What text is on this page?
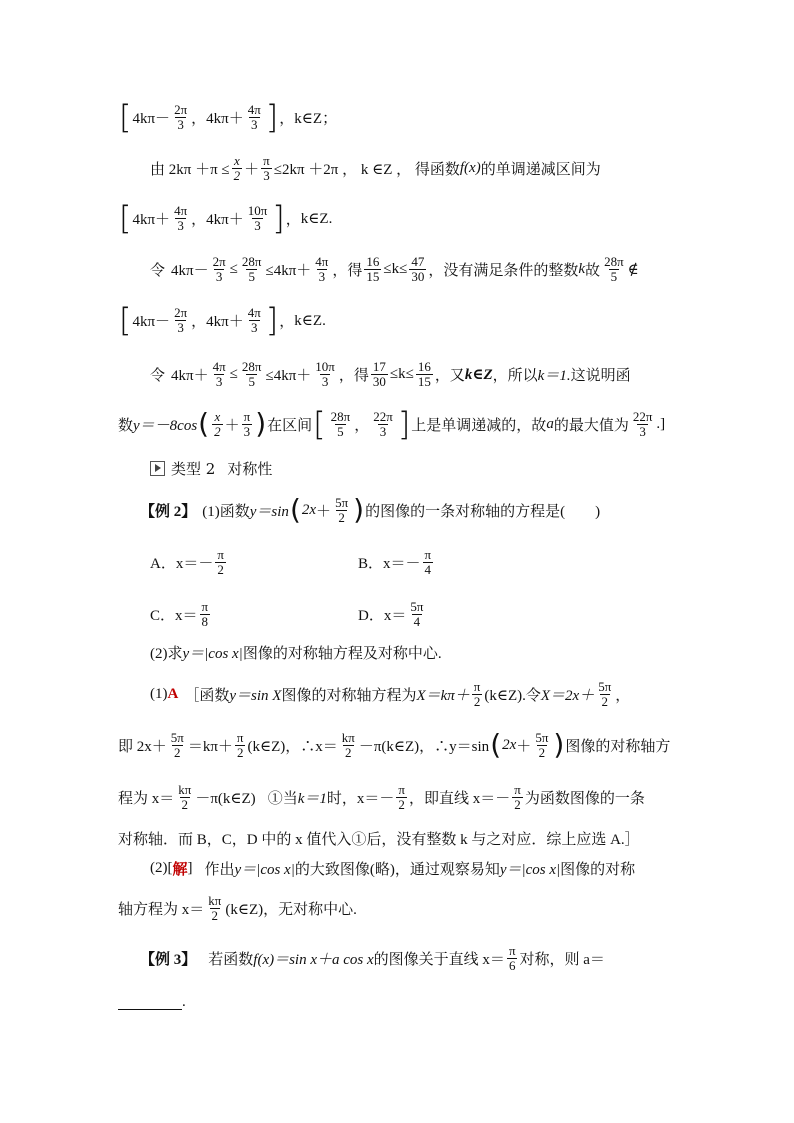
[ $4k\pi- \frac{2\pi}{3}$ ，$4k\pi+ \frac{4\pi}{3}$ ] ， k∈Z；
由 $2k\pi +\pi \le \frac{x}{2} + \frac{\pi}{3} \le 2k\pi +2\pi$ ， k ∈Z ， 得函数 f(x) 的单调递减区间为
[ $4k\pi+ \frac{4\pi}{3}$ ，$4k\pi+ \frac{10\pi}{3}$ ] ， k∈Z.
令 $4k\pi- \frac{2\pi}{3} \le \frac{28\pi}{5} \le 4k\pi+ \frac{4\pi}{3}$ ，得 $\frac{16}{15} \le k\le \frac{47}{30}$ ，没有满足条件的整数 k 故 $\frac{28\pi}{5}$ ∉
[ $4k\pi- \frac{2\pi}{3}$ ，$4k\pi+ \frac{4\pi}{3}$ ] ， k∈Z.
令 $4k\pi+ \frac{4\pi}{3} \le \frac{28\pi}{5} \le 4k\pi+ \frac{10\pi}{3}$ ，得 $\frac{17}{30} \le k\le \frac{16}{15}$ ，又 k∈Z ，所以 k＝1. 这说明函
数 y＝－8cos ( $\frac{x}{2} + \frac{\pi}{3}$ ) 在区间 [ $\frac{28\pi}{5}$ ， $\frac{22\pi}{3}$ ] 上是单调递减的，故 a 的最大值为 $\frac{22\pi}{3}$ .]
类型 2 对称性
【例 2】 (1)函数 y＝sin ( $2x + \frac{5\pi}{2}$ ) 的图像的一条对称轴的方程是(　　)
A．$x=- \frac{\pi}{2}$	B．$x=- \frac{\pi}{4}$
C．$x= \frac{\pi}{8}$	D．$x= \frac{5\pi}{4}$
(2)求 y＝|cos x| 图像的对称轴方程及对称中心.
(1) A ［函数 y＝sin X 图像的对称轴方程为 $X=k\pi+ \frac{\pi}{2}$ (k∈Z).令 $X=2x+ \frac{5\pi}{2}$ ，
即 $2x+ \frac{5\pi}{2} =k\pi+ \frac{\pi}{2}$ (k∈Z)，∴x＝ $\frac{k\pi}{2}$ －π(k∈Z)，∴y＝sin ( $2x + \frac{5\pi}{2}$ ) 图像的对称轴方
程为 $x= \frac{k\pi}{2}$ －π(k∈Z) ①当 k＝1 时，$x=- \frac{\pi}{2}$ ，即直线 $x=- \frac{\pi}{2}$ 为函数图像的一条
对称轴．而 B，C，D 中的 x 值代入①后，没有整数 k 与之对应．综上应选 A.］
(2)[ 解 ] 作出 y＝|cos x| 的大致图像(略)，通过观察易知 y＝|cos x| 图像的对称
轴方程为 $x= \frac{k\pi}{2}$ (k∈Z)，无对称中心.
【例 3】 若函数 f(x)＝sin x＋a cos x 的图像关于直线 $x= \frac{\pi}{6}$ 对称，则 a＝
.
